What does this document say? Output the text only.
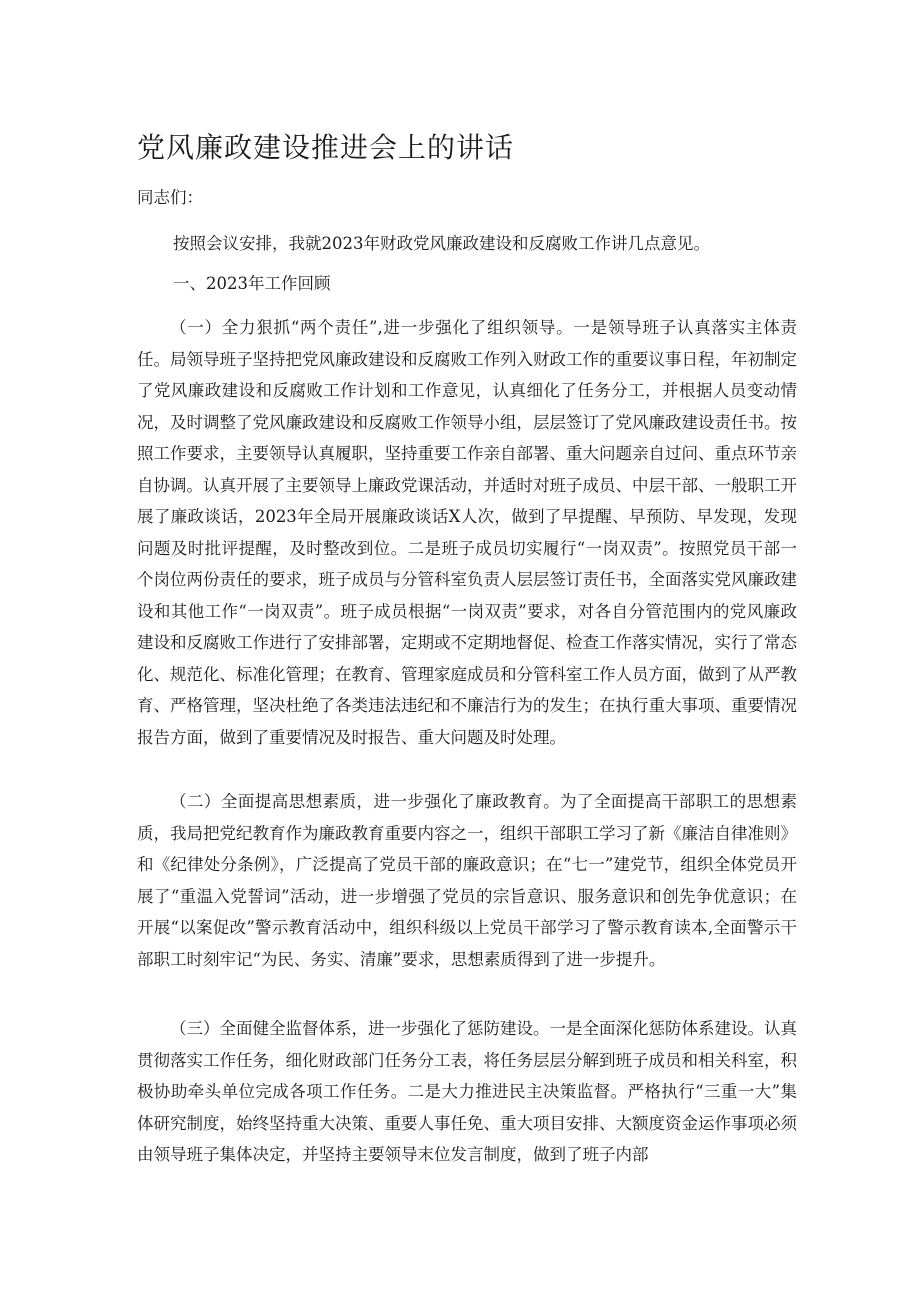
党风廉政建设推进会上的讲话

同志们：

按照会议安排，我就2023年财政党风廉政建设和反腐败工作讲几点意见。

一、2023年工作回顾

（一）全力狠抓“两个责任”,进一步强化了组织领导。一是领导班子认真落实主体责任。局领导班子坚持把党风廉政建设和反腐败工作列入财政工作的重要议事日程，年初制定了党风廉政建设和反腐败工作计划和工作意见，认真细化了任务分工，并根据人员变动情况，及时调整了党风廉政建设和反腐败工作领导小组，层层签订了党风廉政建设责任书。按照工作要求，主要领导认真履职，坚持重要工作亲自部署、重大问题亲自过问、重点环节亲自协调。认真开展了主要领导上廉政党课活动，并适时对班子成员、中层干部、一般职工开展了廉政谈话，2023年全局开展廉政谈话X人次，做到了早提醒、早预防、早发现，发现问题及时批评提醒，及时整改到位。二是班子成员切实履行“一岗双责”。按照党员干部一个岗位两份责任的要求，班子成员与分管科室负责人层层签订责任书，全面落实党风廉政建设和其他工作“一岗双责”。班子成员根据“一岗双责”要求，对各自分管范围内的党风廉政建设和反腐败工作进行了安排部署，定期或不定期地督促、检查工作落实情况，实行了常态化、规范化、标准化管理；在教育、管理家庭成员和分管科室工作人员方面，做到了从严教育、严格管理，坚决杜绝了各类违法违纪和不廉洁行为的发生；在执行重大事项、重要情况报告方面，做到了重要情况及时报告、重大问题及时处理。

（二）全面提高思想素质，进一步强化了廉政教育。为了全面提高干部职工的思想素质，我局把党纪教育作为廉政教育重要内容之一，组织干部职工学习了新《廉洁自律准则》和《纪律处分条例》，广泛提高了党员干部的廉政意识；在“七一”建党节，组织全体党员开展了“重温入党誓词”活动，进一步增强了党员的宗旨意识、服务意识和创先争优意识；在开展“以案促改”警示教育活动中，组织科级以上党员干部学习了警示教育读本,全面警示干部职工时刻牢记“为民、务实、清廉”要求，思想素质得到了进一步提升。

（三）全面健全监督体系，进一步强化了惩防建设。一是全面深化惩防体系建设。认真贯彻落实工作任务，细化财政部门任务分工表，将任务层层分解到班子成员和相关科室，积极协助牵头单位完成各项工作任务。二是大力推进民主决策监督。严格执行“三重一大”集体研究制度，始终坚持重大决策、重要人事任免、重大项目安排、大额度资金运作事项必须由领导班子集体决定，并坚持主要领导末位发言制度，做到了班子内部
